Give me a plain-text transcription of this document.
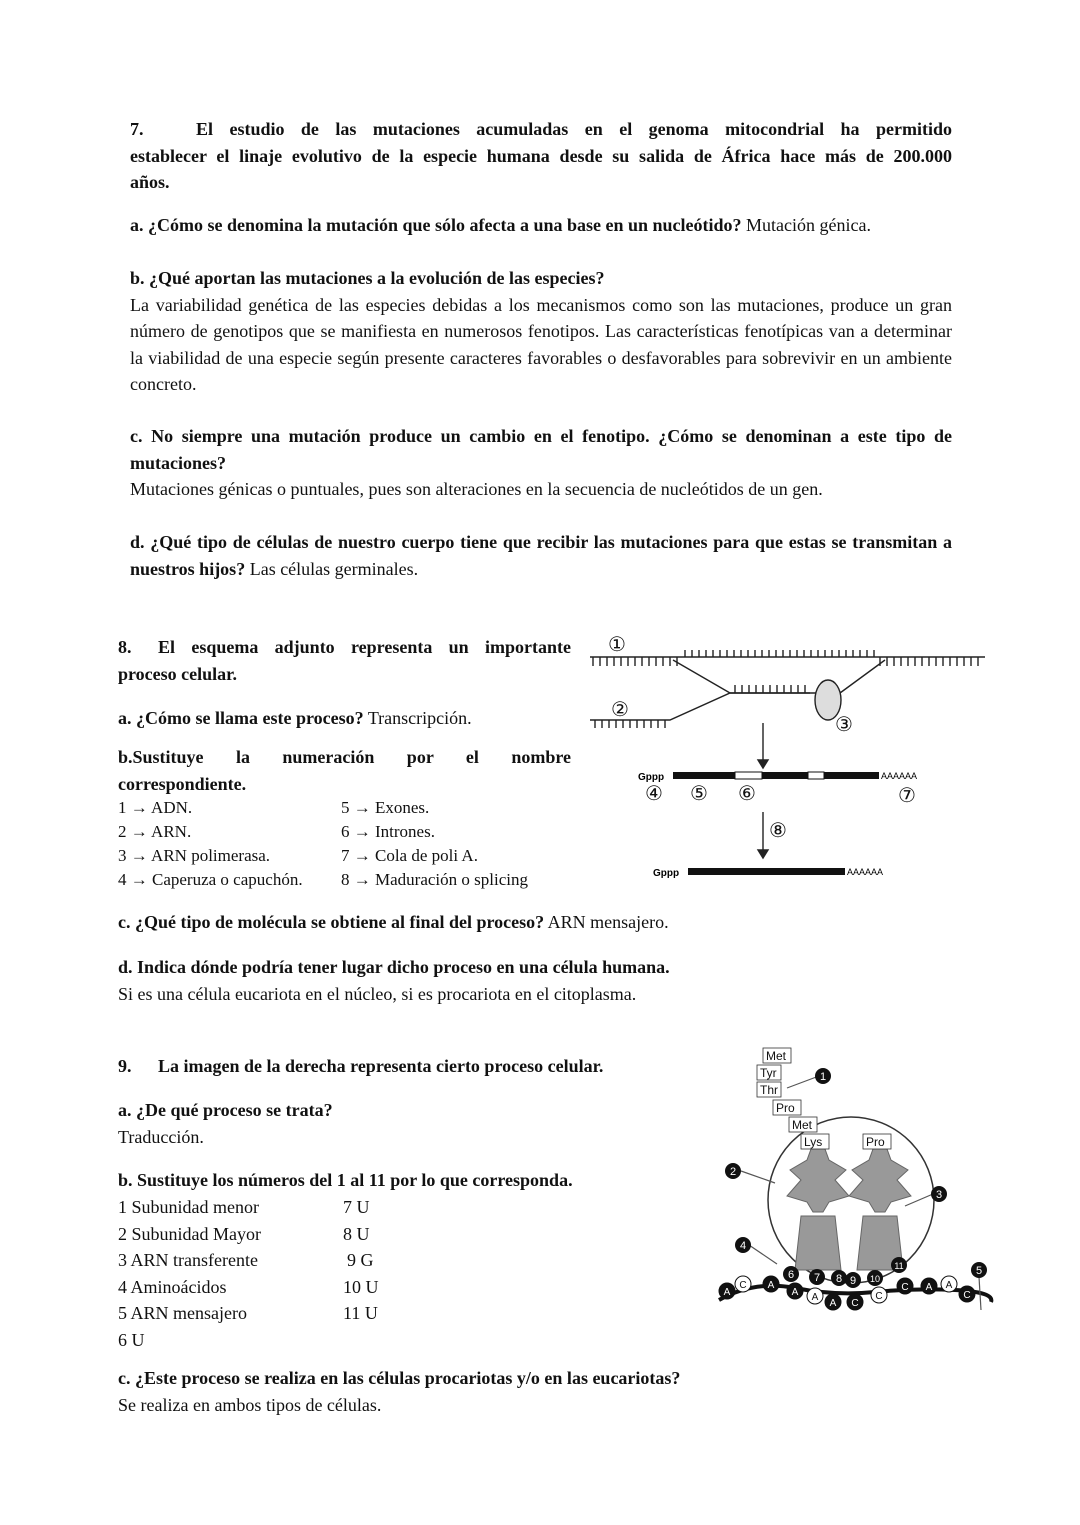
7.	El estudio de las mutaciones acumuladas en el genoma mitocondrial ha permitido
establecer el linaje evolutivo de la especie humana desde su salida de África hace más de 200.000
años.
a. ¿Cómo se denomina la mutación que sólo afecta a una base en un nucleótido? Mutación génica.
b. ¿Qué aportan las mutaciones a la evolución de las especies?
La variabilidad genética de las especies debidas a los mecanismos como son las mutaciones, produce un gran número de genotipos que se manifiesta en numerosos fenotipos. Las características fenotípicas van a determinar la viabilidad de una especie según presente caracteres favorables o desfavorables para sobrevivir en un ambiente concreto.
c. No siempre una mutación produce un cambio en el fenotipo. ¿Cómo se denominan a este tipo de mutaciones?
Mutaciones génicas o puntuales, pues son alteraciones en la secuencia de nucleótidos de un gen.
d. ¿Qué tipo de células de nuestro cuerpo tiene que recibir las mutaciones para que estas se transmitan a nuestros hijos? Las células germinales.
8.	El esquema adjunto representa un importante
proceso celular.
a. ¿Cómo se llama este proceso? Transcripción.
b.Sustituye la numeración por el nombre
correspondiente.
1 → ADN.
2 → ARN.
3 → ARN polimerasa.
4 → Caperuza o capuchón.
5 → Exones.
6 → Intrones.
7 → Cola de poli A.
8 → Maduración o splicing
c. ¿Qué tipo de molécula se obtiene al final del proceso? ARN mensajero.
d. Indica dónde podría tener lugar dicho proceso en una célula humana.
Si es una célula eucariota en el núcleo, si es procariota en el citoplasma.
Gppp	AAAAAA
Gppp	AAAAAA
①
②
③
④ ⑤ ⑥	⑦
⑧
9. La imagen de la derecha representa cierto proceso celular.
a. ¿De qué proceso se trata?
Traducción.
b. Sustituye los números del 1 al 11 por lo que corresponda.
1 Subunidad menor
2 Subunidad Mayor
3 ARN transferente
4 Aminoácidos
5 ARN mensajero
6 U
7 U
8 U
9 G
10 U
11 U
c. ¿Este proceso se realiza en las células procariotas y/o en las eucariotas?
Se realiza en ambos tipos de células.
Met
Tyr
Thr
Pro
Met
Lys	Pro
1
2
3
4
5
6 7 8 9 10
11
A
C A
A A
A C
C
C A A
C
